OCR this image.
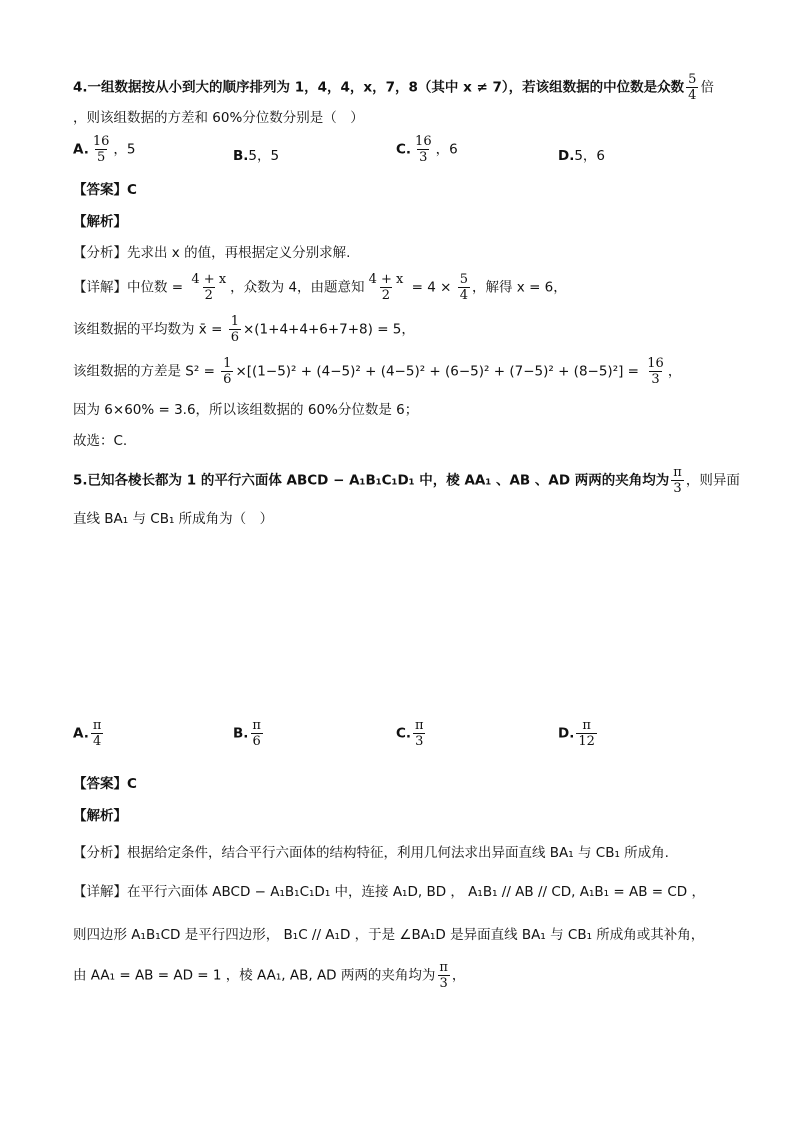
4.一组数据按从小到大的顺序排列为 1，4，4，x，7，8（其中 x ≠ 7），若该组数据的中位数是众数 $\frac{5}{4}$ 倍
，则该组数据的方差和 60%分位数分别是（　）
A. $\frac{16}{5}$ ，5	B.5，5	C. $\frac{16}{3}$ ，6	D.5，6
【答案】C
【解析】
【分析】先求出 x 的值，再根据定义分别求解.
【详解】中位数 = $\frac{4 + x}{2}$ ，众数为 4，由题意知 $\frac{4 + x}{2} = 4 \times \frac{5}{4}$ ，解得 x = 6，
该组数据的平均数为 x̄ = $\frac{1}{6} \times(1+4+4+6+7+8) = 5$，
该组数据的方差是 $S^2 = \frac{1}{6} \times[(1-5)^2 + (4-5)^2 + (4-5)^2 + (6-5)^2 + (7-5)^2 + (8-5)^2] = \frac{16}{3}$ ，
因为 6×60% = 3.6，所以该组数据的 60%分位数是 6；
故选：C.
5.已知各棱长都为 1 的平行六面体 ABCD − A₁B₁C₁D₁ 中，棱 AA₁ 、AB 、AD 两两的夹角均为 $\frac{\pi}{3}$ ，则异面
直线 BA₁ 与 CB₁ 所成角为（　）
A. $\frac{\pi}{4}$	B. $\frac{\pi}{6}$	C. $\frac{\pi}{3}$	D. $\frac{\pi}{12}$
【答案】C
【解析】
【分析】根据给定条件，结合平行六面体的结构特征，利用几何法求出异面直线 BA₁ 与 CB₁ 所成角.
【详解】在平行六面体 ABCD − A₁B₁C₁D₁ 中，连接 A₁D, BD ， A₁B₁ // AB // CD, A₁B₁ = AB = CD ，
则四边形 A₁B₁CD 是平行四边形， B₁C // A₁D ，于是 ∠BA₁D 是异面直线 BA₁ 与 CB₁ 所成角或其补角，
由 AA₁ = AB = AD = 1 ，棱 AA₁, AB, AD 两两的夹角均为 $\frac{\pi}{3}$ ，
